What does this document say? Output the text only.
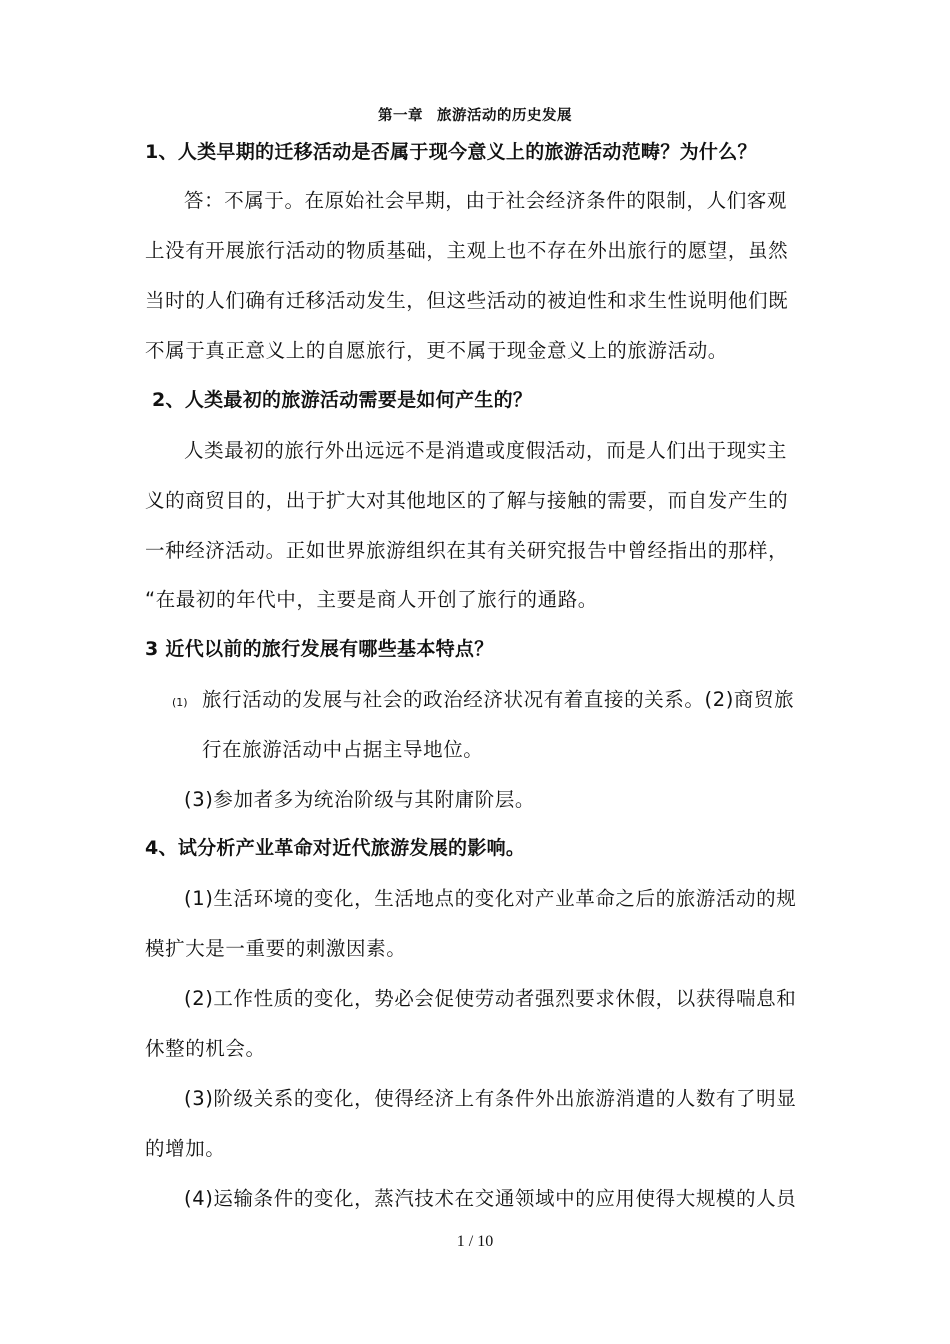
第一章 旅游活动的历史发展
1、人类早期的迁移活动是否属于现今意义上的旅游活动范畴？为什么？
答：不属于。在原始社会早期，由于社会经济条件的限制，人们客观
上没有开展旅行活动的物质基础，主观上也不存在外出旅行的愿望，虽然
当时的人们确有迁移活动发生，但这些活动的被迫性和求生性说明他们既
不属于真正意义上的自愿旅行，更不属于现金意义上的旅游活动。
2、人类最初的旅游活动需要是如何产生的？
人类最初的旅行外出远远不是消遣或度假活动，而是人们出于现实主
义的商贸目的，出于扩大对其他地区的了解与接触的需要，而自发产生的
一种经济活动。正如世界旅游组织在其有关研究报告中曾经指出的那样，
“在最初的年代中，主要是商人开创了旅行的通路。
3 近代以前的旅行发展有哪些基本特点？
(1) 旅行活动的发展与社会的政治经济状况有着直接的关系。(2)商贸旅
行在旅游活动中占据主导地位。
(3)参加者多为统治阶级与其附庸阶层。
4、试分析产业革命对近代旅游发展的影响。
(1)生活环境的变化，生活地点的变化对产业革命之后的旅游活动的规
模扩大是一重要的刺激因素。
(2)工作性质的变化，势必会促使劳动者强烈要求休假，以获得喘息和
休整的机会。
(3)阶级关系的变化，使得经济上有条件外出旅游消遣的人数有了明显
的增加。
(4)运输条件的变化，蒸汽技术在交通领域中的应用使得大规模的人员
1 / 10
